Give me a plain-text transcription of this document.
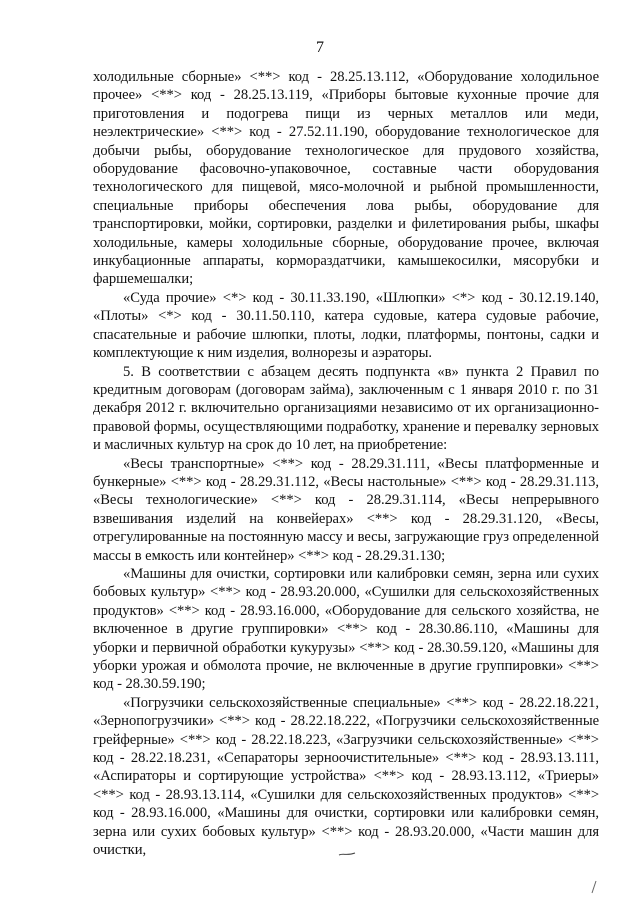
7

холодильные сборные» <**> код - 28.25.13.112, «Оборудование холодильное прочее» <**> код - 28.25.13.119, «Приборы бытовые кухонные прочие для приготовления и подогрева пищи из черных металлов или меди, неэлектрические» <**> код - 27.52.11.190, оборудование технологическое для добычи рыбы, оборудование технологическое для прудового хозяйства, оборудование фасовочно-упаковочное, составные части оборудования технологического для пищевой, мясо-молочной и рыбной промышленности, специальные приборы обеспечения лова рыбы, оборудование для транспортировки, мойки, сортировки, разделки и филетирования рыбы, шкафы холодильные, камеры холодильные сборные, оборудование прочее, включая инкубационные аппараты, кормораздатчики, камышекосилки, мясорубки и фаршемешалки;

«Суда прочие» <*> код - 30.11.33.190, «Шлюпки» <*> код - 30.12.19.140, «Плоты» <*> код - 30.11.50.110, катера судовые, катера судовые рабочие, спасательные и рабочие шлюпки, плоты, лодки, платформы, понтоны, садки и комплектующие к ним изделия, волнорезы и аэраторы.

5. В соответствии с абзацем десять подпункта «в» пункта 2 Правил по кредитным договорам (договорам займа), заключенным с 1 января 2010 г. по 31 декабря 2012 г. включительно организациями независимо от их организационно-правовой формы, осуществляющими подработку, хранение и перевалку зерновых и масличных культур на срок до 10 лет, на приобретение:

«Весы транспортные» <**> код - 28.29.31.111, «Весы платформенные и бункерные» <**> код - 28.29.31.112, «Весы настольные» <**> код - 28.29.31.113, «Весы технологические» <**> код - 28.29.31.114, «Весы непрерывного взвешивания изделий на конвейерах» <**> код - 28.29.31.120, «Весы, отрегулированные на постоянную массу и весы, загружающие груз определенной массы в емкость или контейнер» <**> код - 28.29.31.130;

«Машины для очистки, сортировки или калибровки семян, зерна или сухих бобовых культур» <**> код - 28.93.20.000, «Сушилки для сельскохозяйственных продуктов» <**> код - 28.93.16.000, «Оборудование для сельского хозяйства, не включенное в другие группировки» <**> код - 28.30.86.110, «Машины для уборки и первичной обработки кукурузы» <**> код - 28.30.59.120, «Машины для уборки урожая и обмолота прочие, не включенные в другие группировки» <**> код - 28.30.59.190;

«Погрузчики сельскохозяйственные специальные» <**> код - 28.22.18.221, «Зернопогрузчики» <**> код - 28.22.18.222, «Погрузчики сельскохозяйственные грейферные» <**> код - 28.22.18.223, «Загрузчики сельскохозяйственные» <**> код - 28.22.18.231, «Сепараторы зерноочистительные» <**> код - 28.93.13.111, «Аспираторы и сортирующие устройства» <**> код - 28.93.13.112, «Триеры» <**> код - 28.93.13.114, «Сушилки для сельскохозяйственных продуктов» <**> код - 28.93.16.000, «Машины для очистки, сортировки или калибровки семян, зерна или сухих бобовых культур» <**> код - 28.93.20.000, «Части машин для очистки,
